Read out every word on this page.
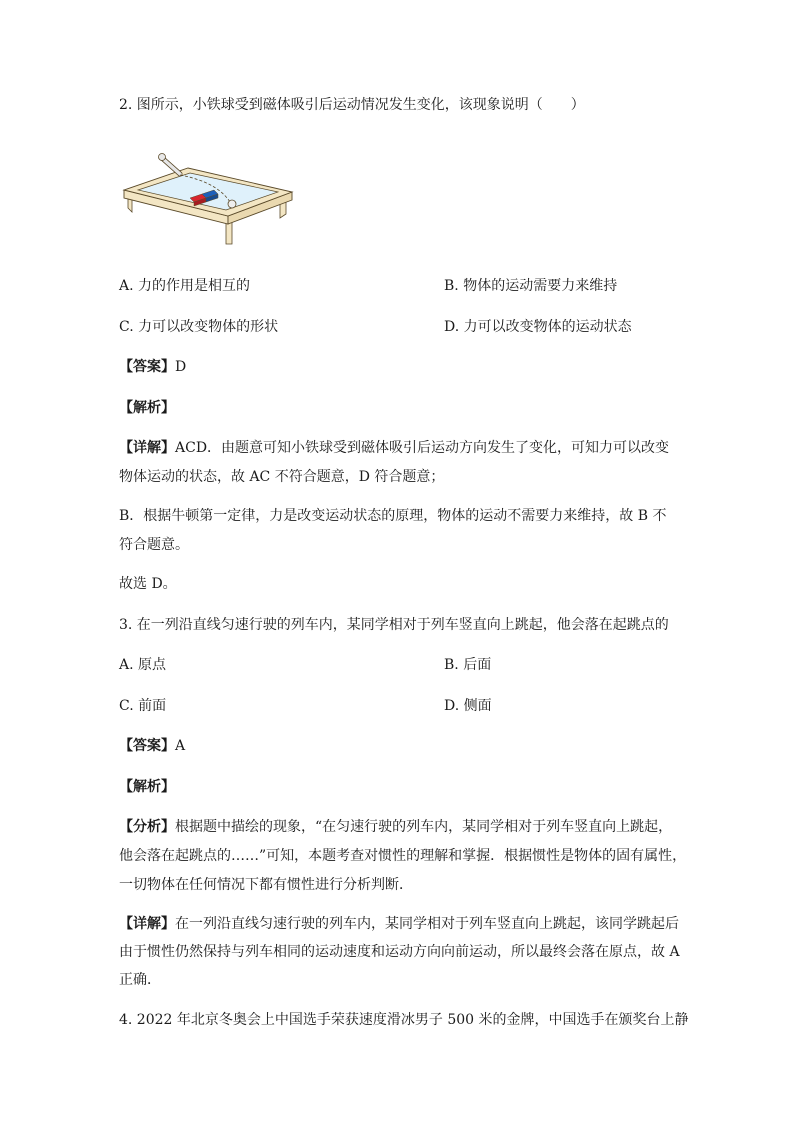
2. 图所示，小铁球受到磁体吸引后运动情况发生变化，该现象说明（　　）
A. 力的作用是相互的	B. 物体的运动需要力来维持
C. 力可以改变物体的形状	D. 力可以改变物体的运动状态
【答案】D
【解析】
【详解】ACD．由题意可知小铁球受到磁体吸引后运动方向发生了变化，可知力可以改变
物体运动的状态，故 AC 不符合题意，D 符合题意；
B．根据牛顿第一定律，力是改变运动状态的原理，物体的运动不需要力来维持，故 B 不
符合题意。
故选 D。
3. 在一列沿直线匀速行驶的列车内，某同学相对于列车竖直向上跳起，他会落在起跳点的
A. 原点	B. 后面
C. 前面	D. 侧面
【答案】A
【解析】
【分析】根据题中描绘的现象，“在匀速行驶的列车内，某同学相对于列车竖直向上跳起，
他会落在起跳点的……”可知，本题考查对惯性的理解和掌握．根据惯性是物体的固有属性，
一切物体在任何情况下都有惯性进行分析判断．
【详解】在一列沿直线匀速行驶的列车内，某同学相对于列车竖直向上跳起，该同学跳起后
由于惯性仍然保持与列车相同的运动速度和运动方向向前运动，所以最终会落在原点，故 A
正确．
4. 2022 年北京冬奥会上中国选手荣获速度滑冰男子 500 米的金牌，中国选手在颁奖台上静
